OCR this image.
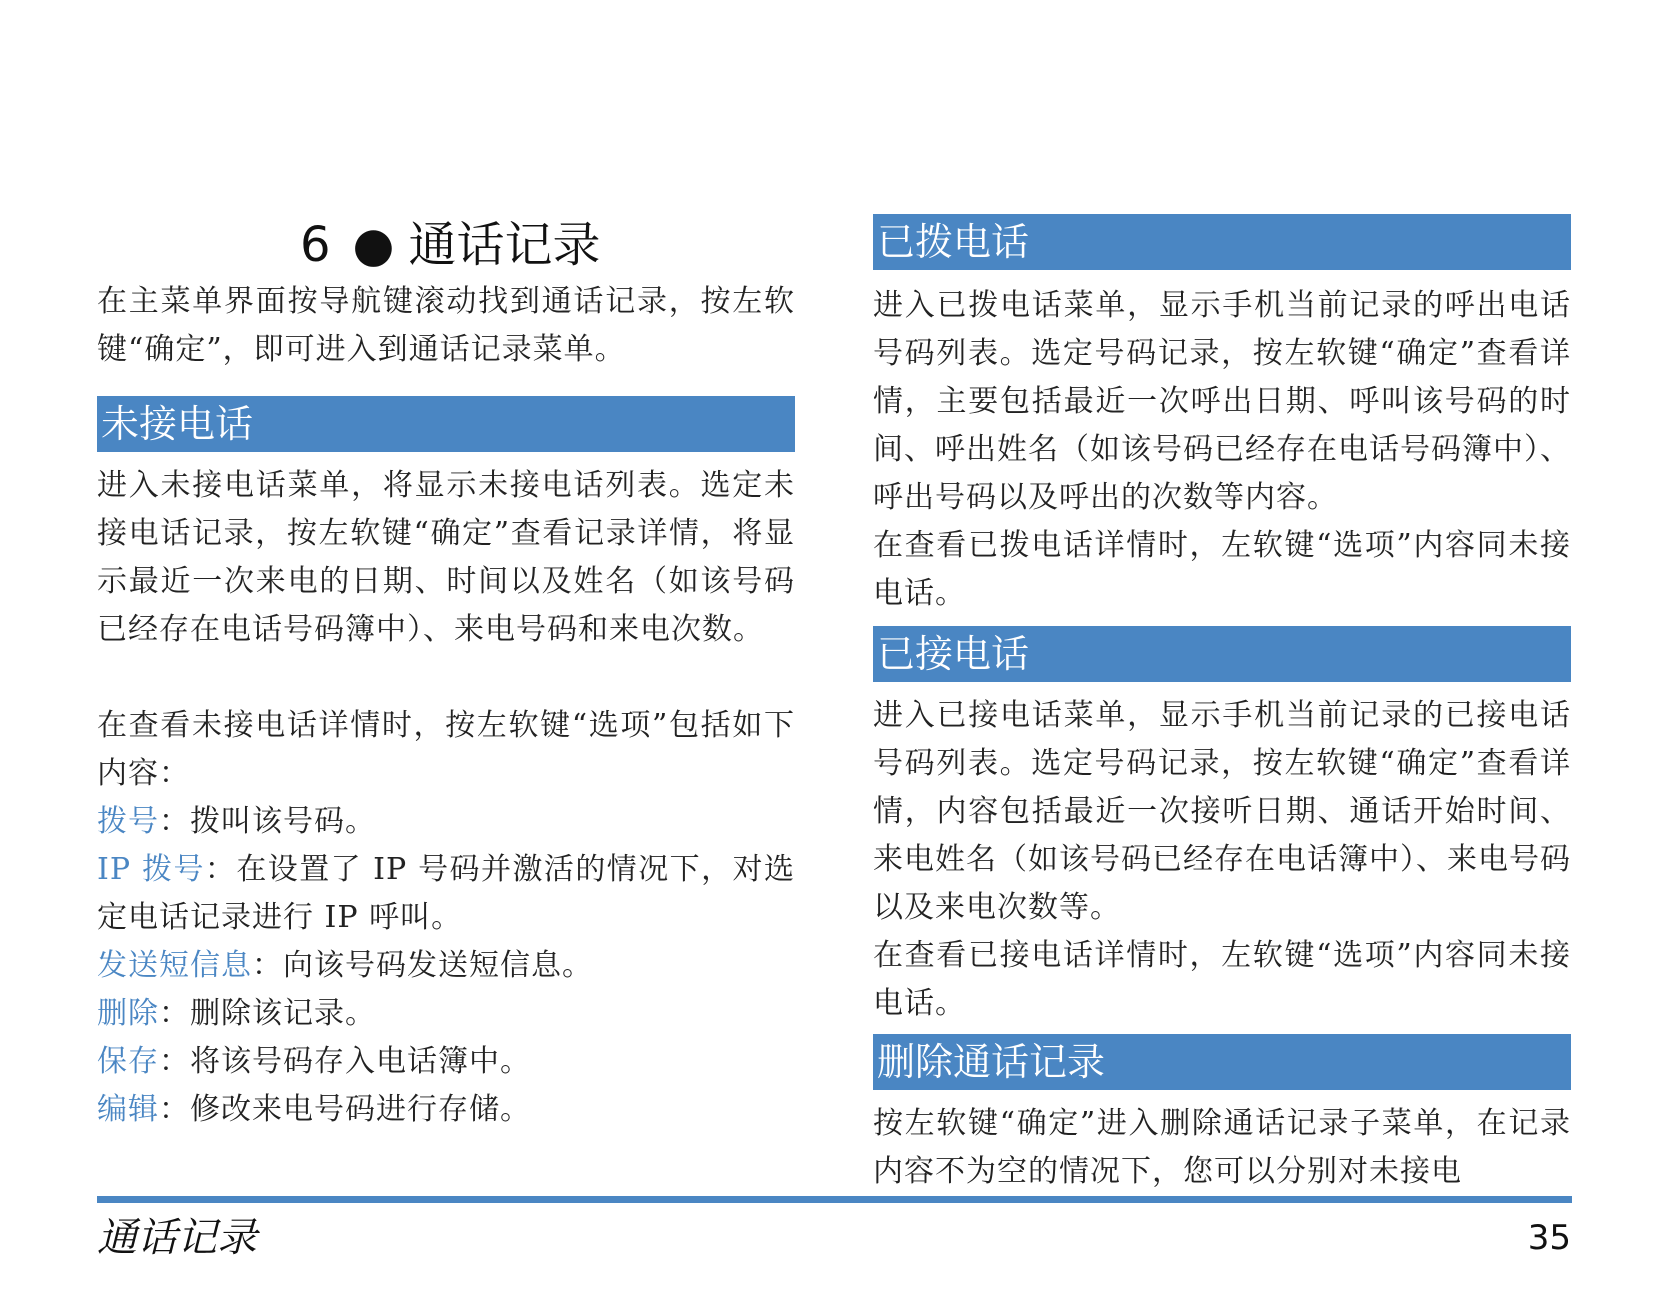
6 ● 通话记录
在主菜单界面按导航键滚动找到通话记录，按左软键“确定”，即可进入到通话记录菜单。
未接电话
进入未接电话菜单，将显示未接电话列表。选定未接电话记录，按左软键“确定”查看记录详情，将显示最近一次来电的日期、时间以及姓名（如该号码已经存在电话号码簿中）、来电号码和来电次数。
在查看未接电话详情时，按左软键“选项”包括如下内容：
拨号：拨叫该号码。
IP 拨号：在设置了 IP 号码并激活的情况下，对选定电话记录进行 IP 呼叫。
发送短信息：向该号码发送短信息。
删除：删除该记录。
保存：将该号码存入电话簿中。
编辑：修改来电号码进行存储。
已拨电话
进入已拨电话菜单，显示手机当前记录的呼出电话号码列表。选定号码记录，按左软键“确定”查看详情，主要包括最近一次呼出日期、呼叫该号码的时间、呼出姓名（如该号码已经存在电话号码簿中）、呼出号码以及呼出的次数等内容。
在查看已拨电话详情时，左软键“选项”内容同未接电话。
已接电话
进入已接电话菜单，显示手机当前记录的已接电话号码列表。选定号码记录，按左软键“确定”查看详情，内容包括最近一次接听日期、通话开始时间、来电姓名（如该号码已经存在电话簿中）、来电号码以及来电次数等。
在查看已接电话详情时，左软键“选项”内容同未接电话。
删除通话记录
按左软键“确定”进入删除通话记录子菜单，在记录内容不为空的情况下，您可以分别对未接电
通话记录	35
